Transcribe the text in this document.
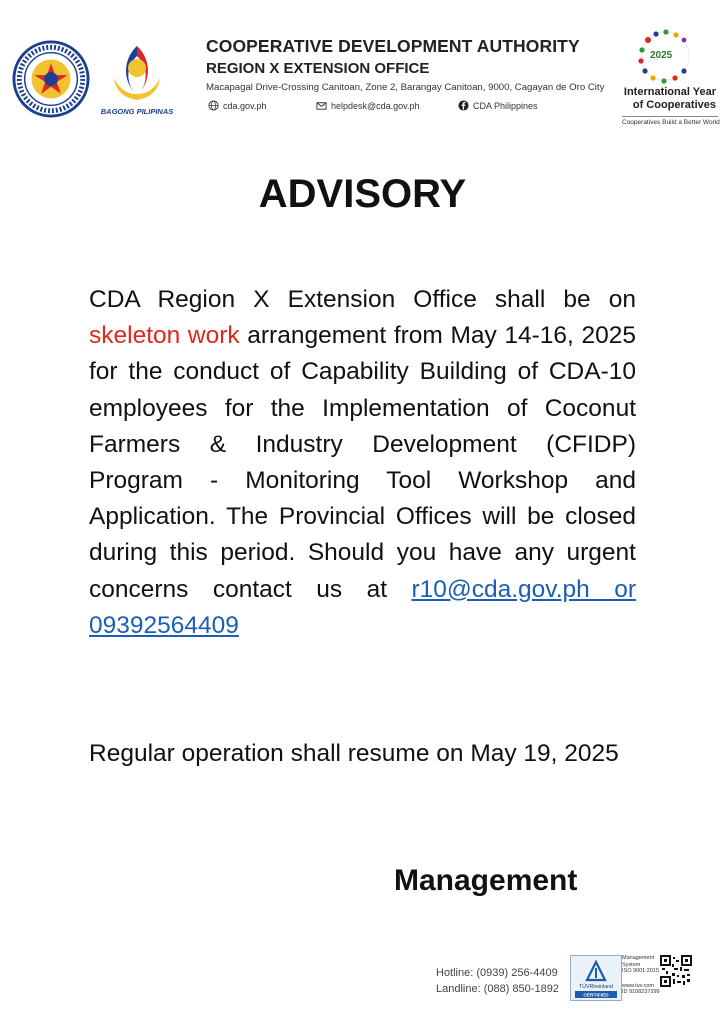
BAGONG PILIPINAS
COOPERATIVE DEVELOPMENT AUTHORITY
REGION X EXTENSION OFFICE
Macapagal Drive-Crossing Canitoan, Zone 2, Barangay Canitoan, 9000, Cagayan de Oro City
cda.gov.ph	helpdesk@cda.gov.ph	CDA Philippines
2025
International Year of Cooperatives
Cooperatives Build a Better World
ADVISORY
CDA Region X Extension Office shall be on skeleton work arrangement from May 14-16, 2025 for the conduct of Capability Building of CDA-10 employees for the Implementation of Coconut Farmers & Industry Development (CFIDP) Program - Monitoring Tool Workshop and Application. The Provincial Offices will be closed during this period. Should you have any urgent concerns contact us at r10@cda.gov.ph or 09392564409
Regular operation shall resume on May 19, 2025
Management
Hotline: (0939) 256-4409
Landline: (088) 850-1892	TÜVRheinland
CERTIFIED
Management
System
ISO 9001:2015
www.tuv.com
ID 9108237299
